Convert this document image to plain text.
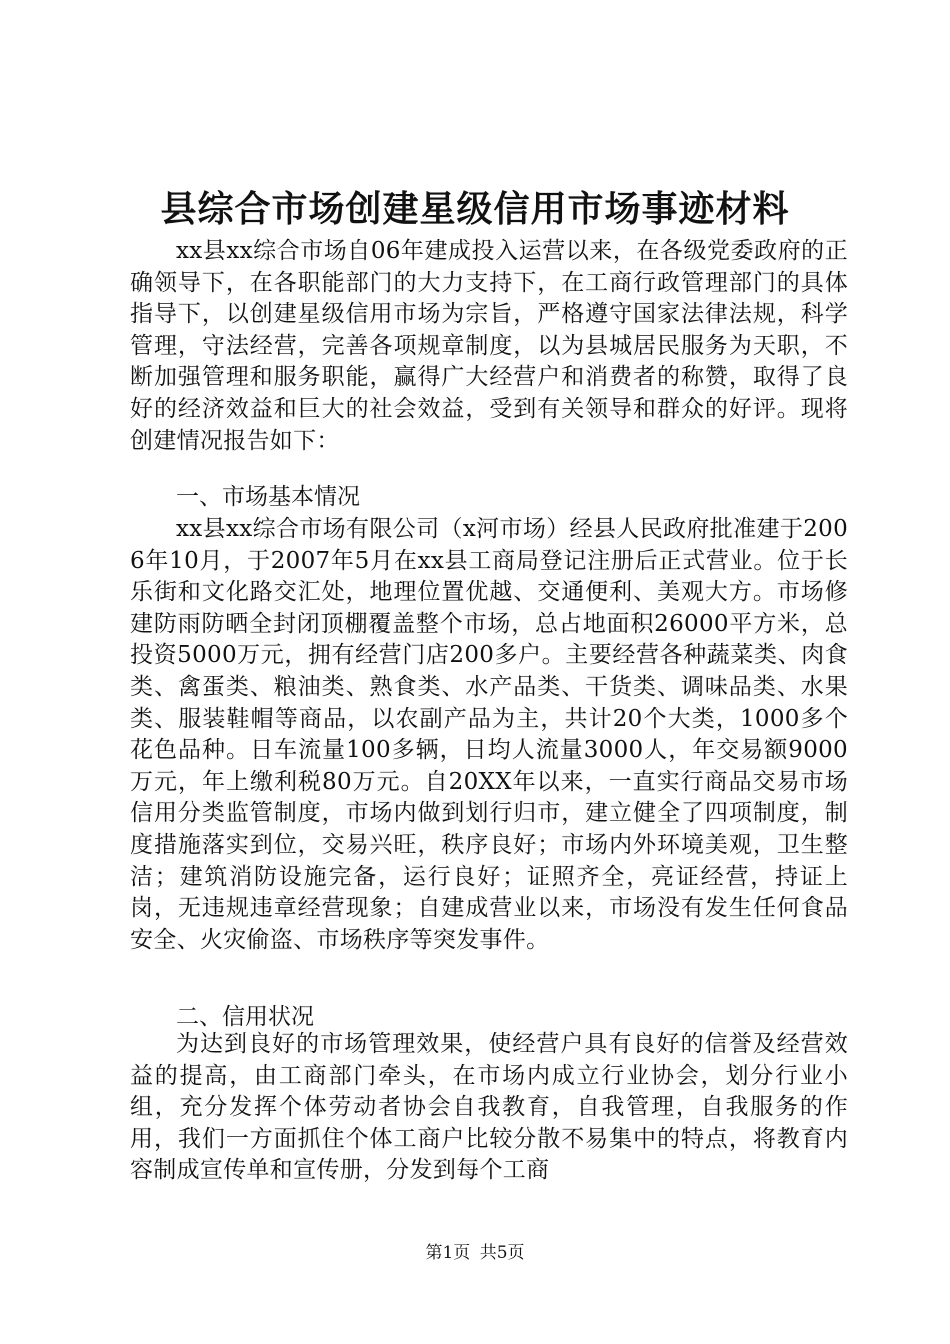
县综合市场创建星级信用市场事迹材料

xx县xx综合市场自06年建成投入运营以来，在各级党委政府的正确领导下，在各职能部门的大力支持下，在工商行政管理部门的具体指导下，以创建星级信用市场为宗旨，严格遵守国家法律法规，科学管理，守法经营，完善各项规章制度，以为县城居民服务为天职，不断加强管理和服务职能，赢得广大经营户和消费者的称赞，取得了良好的经济效益和巨大的社会效益，受到有关领导和群众的好评。现将创建情况报告如下：

一、市场基本情况

xx县xx综合市场有限公司（x河市场）经县人民政府批准建于2006年10月，于2007年5月在xx县工商局登记注册后正式营业。位于长乐街和文化路交汇处，地理位置优越、交通便利、美观大方。市场修建防雨防晒全封闭顶棚覆盖整个市场，总占地面积26000平方米，总投资5000万元，拥有经营门店200多户。主要经营各种蔬菜类、肉食类、禽蛋类、粮油类、熟食类、水产品类、干货类、调味品类、水果类、服装鞋帽等商品，以农副产品为主，共计20个大类，1000多个花色品种。日车流量100多辆，日均人流量3000人，年交易额9000万元，年上缴利税80万元。自20XX年以来，一直实行商品交易市场信用分类监管制度，市场内做到划行归市，建立健全了四项制度，制度措施落实到位，交易兴旺，秩序良好；市场内外环境美观，卫生整洁；建筑消防设施完备，运行良好；证照齐全，亮证经营，持证上岗，无违规违章经营现象；自建成营业以来，市场没有发生任何食品安全、火灾偷盗、市场秩序等突发事件。

二、信用状况

为达到良好的市场管理效果，使经营户具有良好的信誉及经营效益的提高，由工商部门牵头，在市场内成立行业协会，划分行业小组，充分发挥个体劳动者协会自我教育，自我管理，自我服务的作用，我们一方面抓住个体工商户比较分散不易集中的特点，将教育内容制成宣传单和宣传册，分发到每个工商

第1页 共5页
